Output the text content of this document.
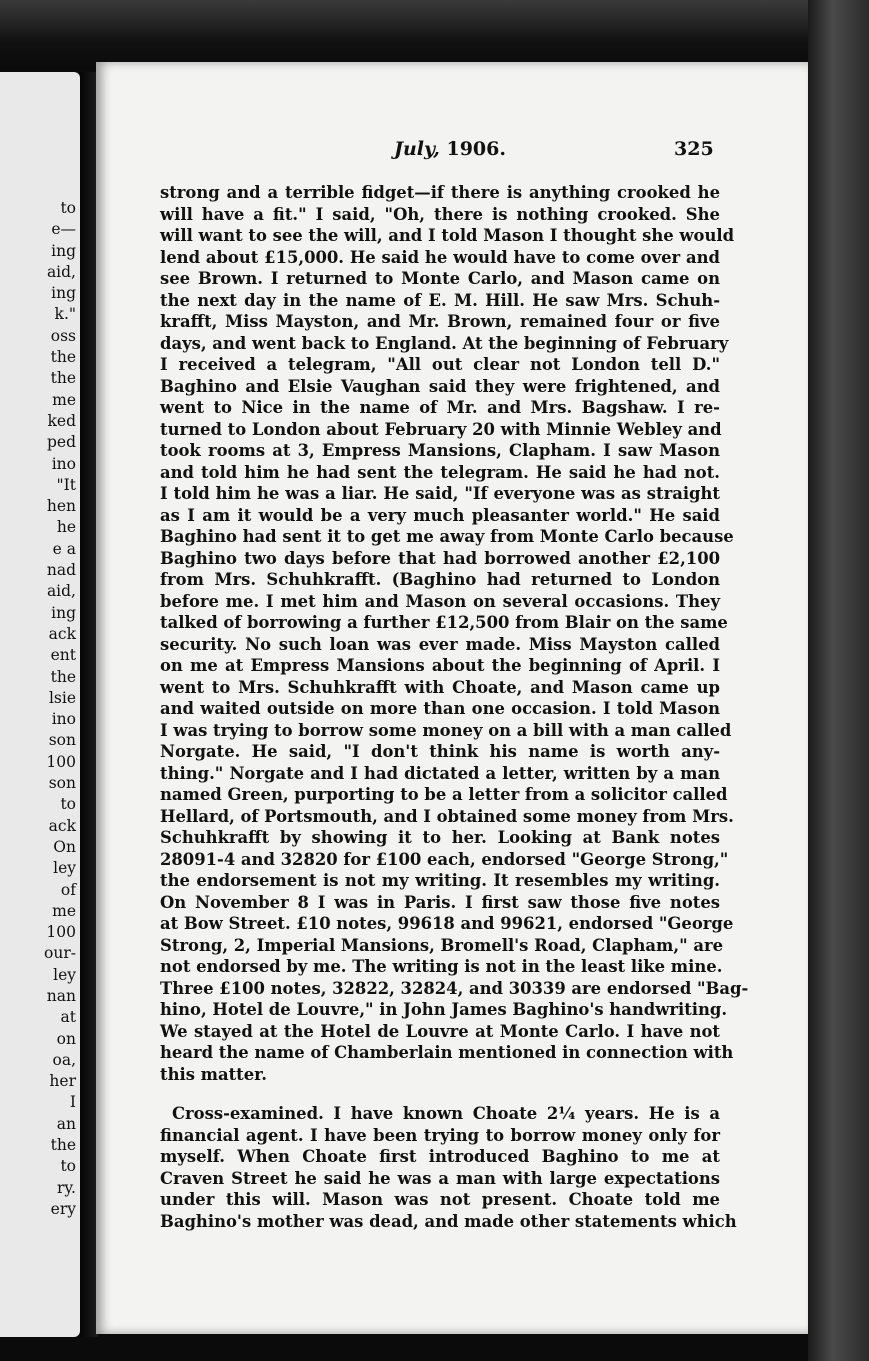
to
e—
ing
aid,
ing
k."
oss
the
the
me
ked
ped
ino
"It
hen
he
e a
nad
aid,
ing
ack
ent
the
lsie
ino
son
100
son
to
ack
On
ley
of
me
100
our-
ley
nan
at
on
oa,
her
I
an
the
to
ry.
ery
July, 1906.	325
strong and a terrible fidget—if there is anything crooked he
will have a fit." I said, "Oh, there is nothing crooked. She
will want to see the will, and I told Mason I thought she would
lend about £15,000. He said he would have to come over and
see Brown. I returned to Monte Carlo, and Mason came on
the next day in the name of E. M. Hill. He saw Mrs. Schuh-
krafft, Miss Mayston, and Mr. Brown, remained four or five
days, and went back to England. At the beginning of February
I received a telegram, "All out clear not London tell D."
Baghino and Elsie Vaughan said they were frightened, and
went to Nice in the name of Mr. and Mrs. Bagshaw. I re-
turned to London about February 20 with Minnie Webley and
took rooms at 3, Empress Mansions, Clapham. I saw Mason
and told him he had sent the telegram. He said he had not.
I told him he was a liar. He said, "If everyone was as straight
as I am it would be a very much pleasanter world." He said
Baghino had sent it to get me away from Monte Carlo because
Baghino two days before that had borrowed another £2,100
from Mrs. Schuhkrafft. (Baghino had returned to London
before me. I met him and Mason on several occasions. They
talked of borrowing a further £12,500 from Blair on the same
security. No such loan was ever made. Miss Mayston called
on me at Empress Mansions about the beginning of April. I
went to Mrs. Schuhkrafft with Choate, and Mason came up
and waited outside on more than one occasion. I told Mason
I was trying to borrow some money on a bill with a man called
Norgate. He said, "I don't think his name is worth any-
thing." Norgate and I had dictated a letter, written by a man
named Green, purporting to be a letter from a solicitor called
Hellard, of Portsmouth, and I obtained some money from Mrs.
Schuhkrafft by showing it to her. Looking at Bank notes
28091-4 and 32820 for £100 each, endorsed "George Strong,"
the endorsement is not my writing. It resembles my writing.
On November 8 I was in Paris. I first saw those five notes
at Bow Street. £10 notes, 99618 and 99621, endorsed "George
Strong, 2, Imperial Mansions, Bromell's Road, Clapham," are
not endorsed by me. The writing is not in the least like mine.
Three £100 notes, 32822, 32824, and 30339 are endorsed "Bag-
hino, Hotel de Louvre," in John James Baghino's handwriting.
We stayed at the Hotel de Louvre at Monte Carlo. I have not
heard the name of Chamberlain mentioned in connection with
this matter.
Cross-examined. I have known Choate 2¼ years. He is a
financial agent. I have been trying to borrow money only for
myself. When Choate first introduced Baghino to me at
Craven Street he said he was a man with large expectations
under this will. Mason was not present. Choate told me
Baghino's mother was dead, and made other statements which
